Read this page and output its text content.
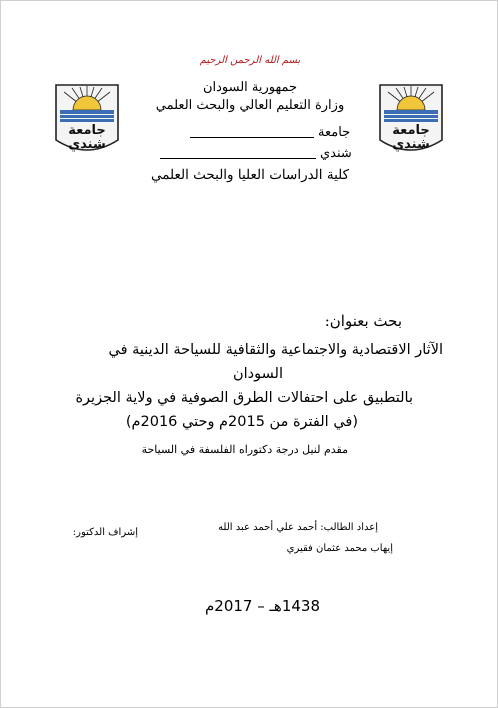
جامعة
شندي
جامعة
شندي
بسم الله الرحمن الرحيم
جمهورية السودان
وزارة التعليم العالي والبحث العلمي
جامعة
شندي
كلية الدراسات العليا والبحث العلمي
بحث بعنوان:
الآثار الاقتصادية والاجتماعية والثقافية للسياحة الدينية في
السودان
بالتطبيق على احتفالات الطرق الصوفية في ولاية الجزيرة
(في الفترة من 2015م وحتي 2016م)
مقدم لنيل درجة دكتوراه الفلسفة في السياحة
إعداد الطالب: أحمد علي أحمد عبد الله
إشراف الدكتور:
إيهاب محمد عثمان فقيري
1438هـ – 2017م
